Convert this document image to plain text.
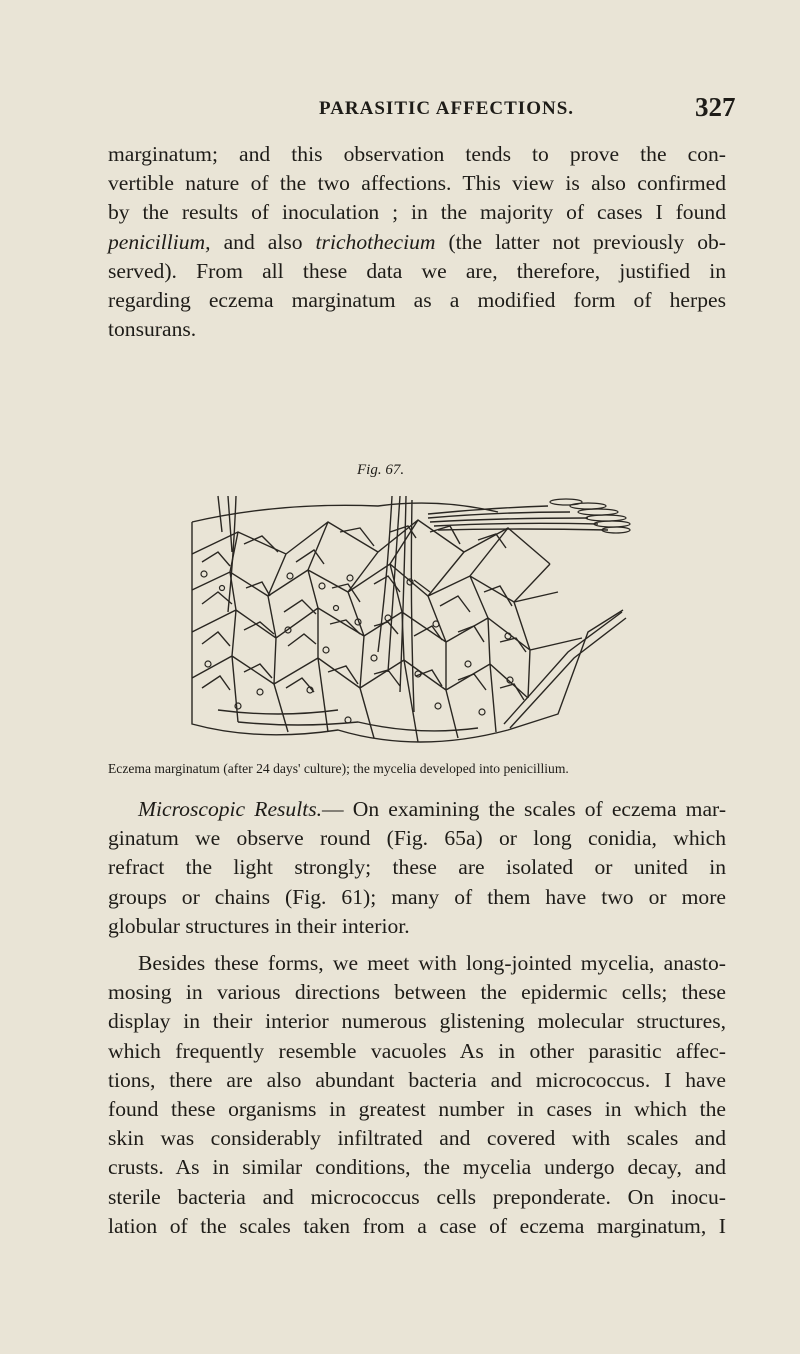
PARASITIC AFFECTIONS.	327
marginatum; and this observation tends to prove the con-
vertible nature of the two affections. This view is also confirmed
by the results of inoculation ; in the majority of cases I found
penicillium, and also trichothecium (the latter not previously ob-
served). From all these data we are, therefore, justified in
regarding eczema marginatum as a modified form of herpes
tonsurans.
Fig. 67.
Eczema marginatum (after 24 days' culture); the mycelia developed into penicillium.
Microscopic Results.— On examining the scales of eczema mar-
ginatum we observe round (Fig. 65a) or long conidia, which
refract the light strongly; these are isolated or united in
groups or chains (Fig. 61); many of them have two or more
globular structures in their interior.
Besides these forms, we meet with long-jointed mycelia, anasto-
mosing in various directions between the epidermic cells; these
display in their interior numerous glistening molecular structures,
which frequently resemble vacuoles As in other parasitic affec-
tions, there are also abundant bacteria and micrococcus. I have
found these organisms in greatest number in cases in which the
skin was considerably infiltrated and covered with scales and
crusts. As in similar conditions, the mycelia undergo decay, and
sterile bacteria and micrococcus cells preponderate. On inocu-
lation of the scales taken from a case of eczema marginatum, I
